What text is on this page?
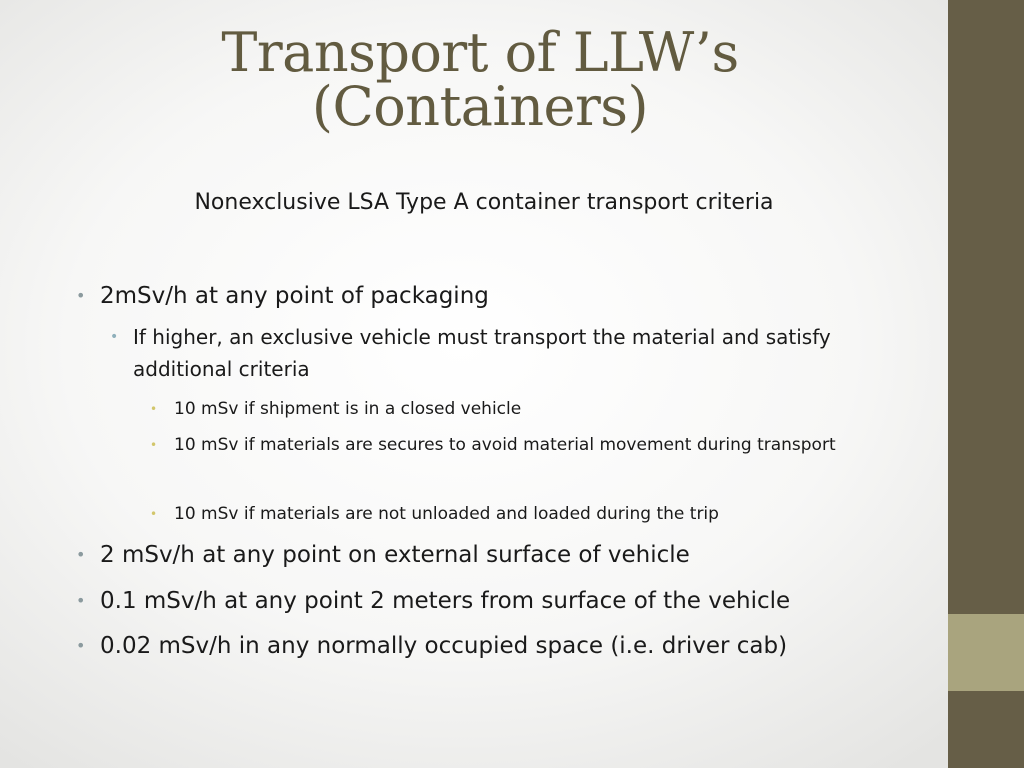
Transport of LLW’s
(Containers)
Nonexclusive LSA Type A container transport criteria
• 2mSv/h at any point of packaging
• If higher, an exclusive vehicle must transport the material and satisfy additional criteria
• 10 mSv if shipment is in a closed vehicle
• 10 mSv if materials are secures to avoid material movement during transport
• 10 mSv if materials are not unloaded and loaded during the trip
• 2 mSv/h at any point on external surface of vehicle
• 0.1 mSv/h at any point 2 meters from surface of the vehicle
• 0.02 mSv/h in any normally occupied space (i.e. driver cab)
